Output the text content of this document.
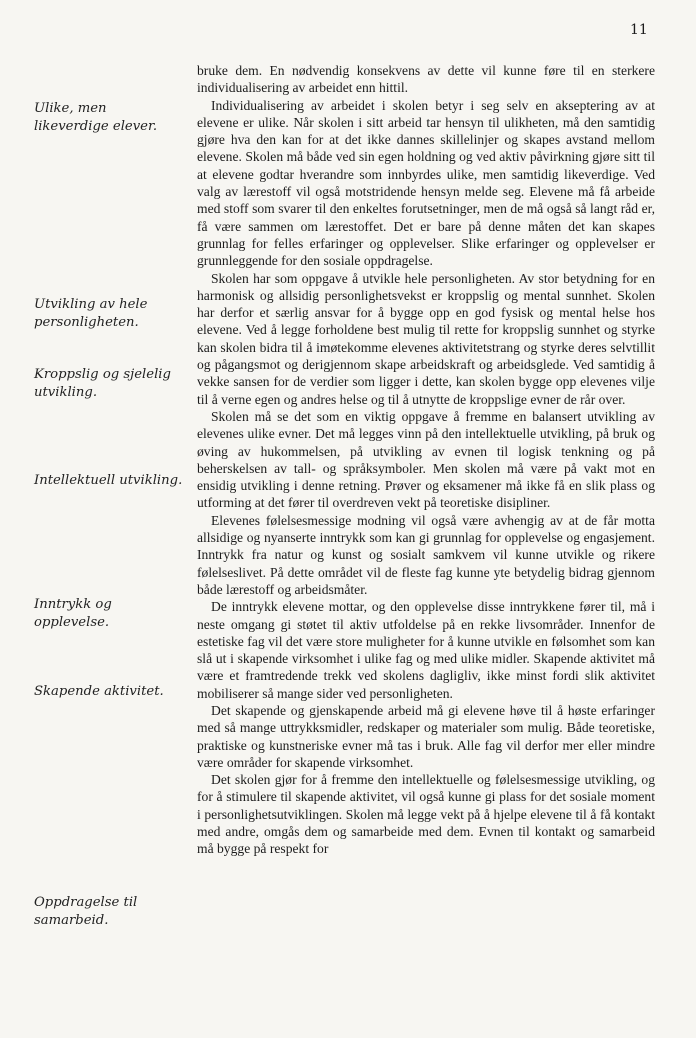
11
Ulike, men likeverdige elever.
Utvikling av hele personligheten.
Kroppslig og sjelelig utvikling.
Intellektuell utvikling.
Inntrykk og opplevelse.
Skapende aktivitet.
Oppdragelse til samarbeid.

bruke dem. En nødvendig konsekvens av dette vil kunne føre til en sterkere individualisering av arbeidet enn hittil.

Individualisering av arbeidet i skolen betyr i seg selv en akseptering av at elevene er ulike. Når skolen i sitt arbeid tar hensyn til ulikheten, må den samtidig gjøre hva den kan for at det ikke dannes skillelinjer og skapes avstand mellom elevene. Skolen må både ved sin egen holdning og ved aktiv påvirkning gjøre sitt til at elevene godtar hverandre som innbyrdes ulike, men samtidig likeverdige. Ved valg av lærestoff vil også motstridende hensyn melde seg. Elevene må få arbeide med stoff som svarer til den enkeltes forutsetninger, men de må også så langt råd er, få være sammen om lærestoffet. Det er bare på denne måten det kan skapes grunnlag for felles erfaringer og opplevelser. Slike erfaringer og opplevelser er grunnleggende for den sosiale oppdragelse.

Skolen har som oppgave å utvikle hele personligheten. Av stor betydning for en harmonisk og allsidig personlighetsvekst er kroppslig og mental sunnhet. Skolen har derfor et særlig ansvar for å bygge opp en god fysisk og mental helse hos elevene. Ved å legge forholdene best mulig til rette for kroppslig sunnhet og styrke kan skolen bidra til å imøtekomme elevenes aktivitetstrang og styrke deres selvtillit og pågangsmot og derigjennom skape arbeidskraft og arbeidsglede. Ved samtidig å vekke sansen for de verdier som ligger i dette, kan skolen bygge opp elevenes vilje til å verne egen og andres helse og til å utnytte de kroppslige evner de rår over.

Skolen må se det som en viktig oppgave å fremme en balansert utvikling av elevenes ulike evner. Det må legges vinn på den intellektuelle utvikling, på bruk og øving av hukommelsen, på utvikling av evnen til logisk tenkning og på beherskelsen av tall- og språksymboler. Men skolen må være på vakt mot en ensidig utvikling i denne retning. Prøver og eksamener må ikke få en slik plass og utforming at det fører til overdreven vekt på teoretiske disipliner.

Elevenes følelsesmessige modning vil også være avhengig av at de får motta allsidige og nyanserte inntrykk som kan gi grunnlag for opplevelse og engasjement. Inntrykk fra natur og kunst og sosialt samkvem vil kunne utvikle og rikere følelseslivet. På dette området vil de fleste fag kunne yte betydelig bidrag gjennom både lærestoff og arbeidsmåter.

De inntrykk elevene mottar, og den opplevelse disse inntrykkene fører til, må i neste omgang gi støtet til aktiv utfoldelse på en rekke livsområder. Innenfor de estetiske fag vil det være store muligheter for å kunne utvikle en følsomhet som kan slå ut i skapende virksomhet i ulike fag og med ulike midler. Skapende aktivitet må være et framtredende trekk ved skolens dagligliv, ikke minst fordi slik aktivitet mobiliserer så mange sider ved personligheten.

Det skapende og gjenskapende arbeid må gi elevene høve til å høste erfaringer med så mange uttrykksmidler, redskaper og materialer som mulig. Både teoretiske, praktiske og kunstneriske evner må tas i bruk. Alle fag vil derfor mer eller mindre være områder for skapende virksomhet.

Det skolen gjør for å fremme den intellektuelle og følelsesmessige utvikling, og for å stimulere til skapende aktivitet, vil også kunne gi plass for det sosiale moment i personlighetsutviklingen. Skolen må legge vekt på å hjelpe elevene til å få kontakt med andre, omgås dem og samarbeide med dem. Evnen til kontakt og samarbeid må bygge på respekt for
